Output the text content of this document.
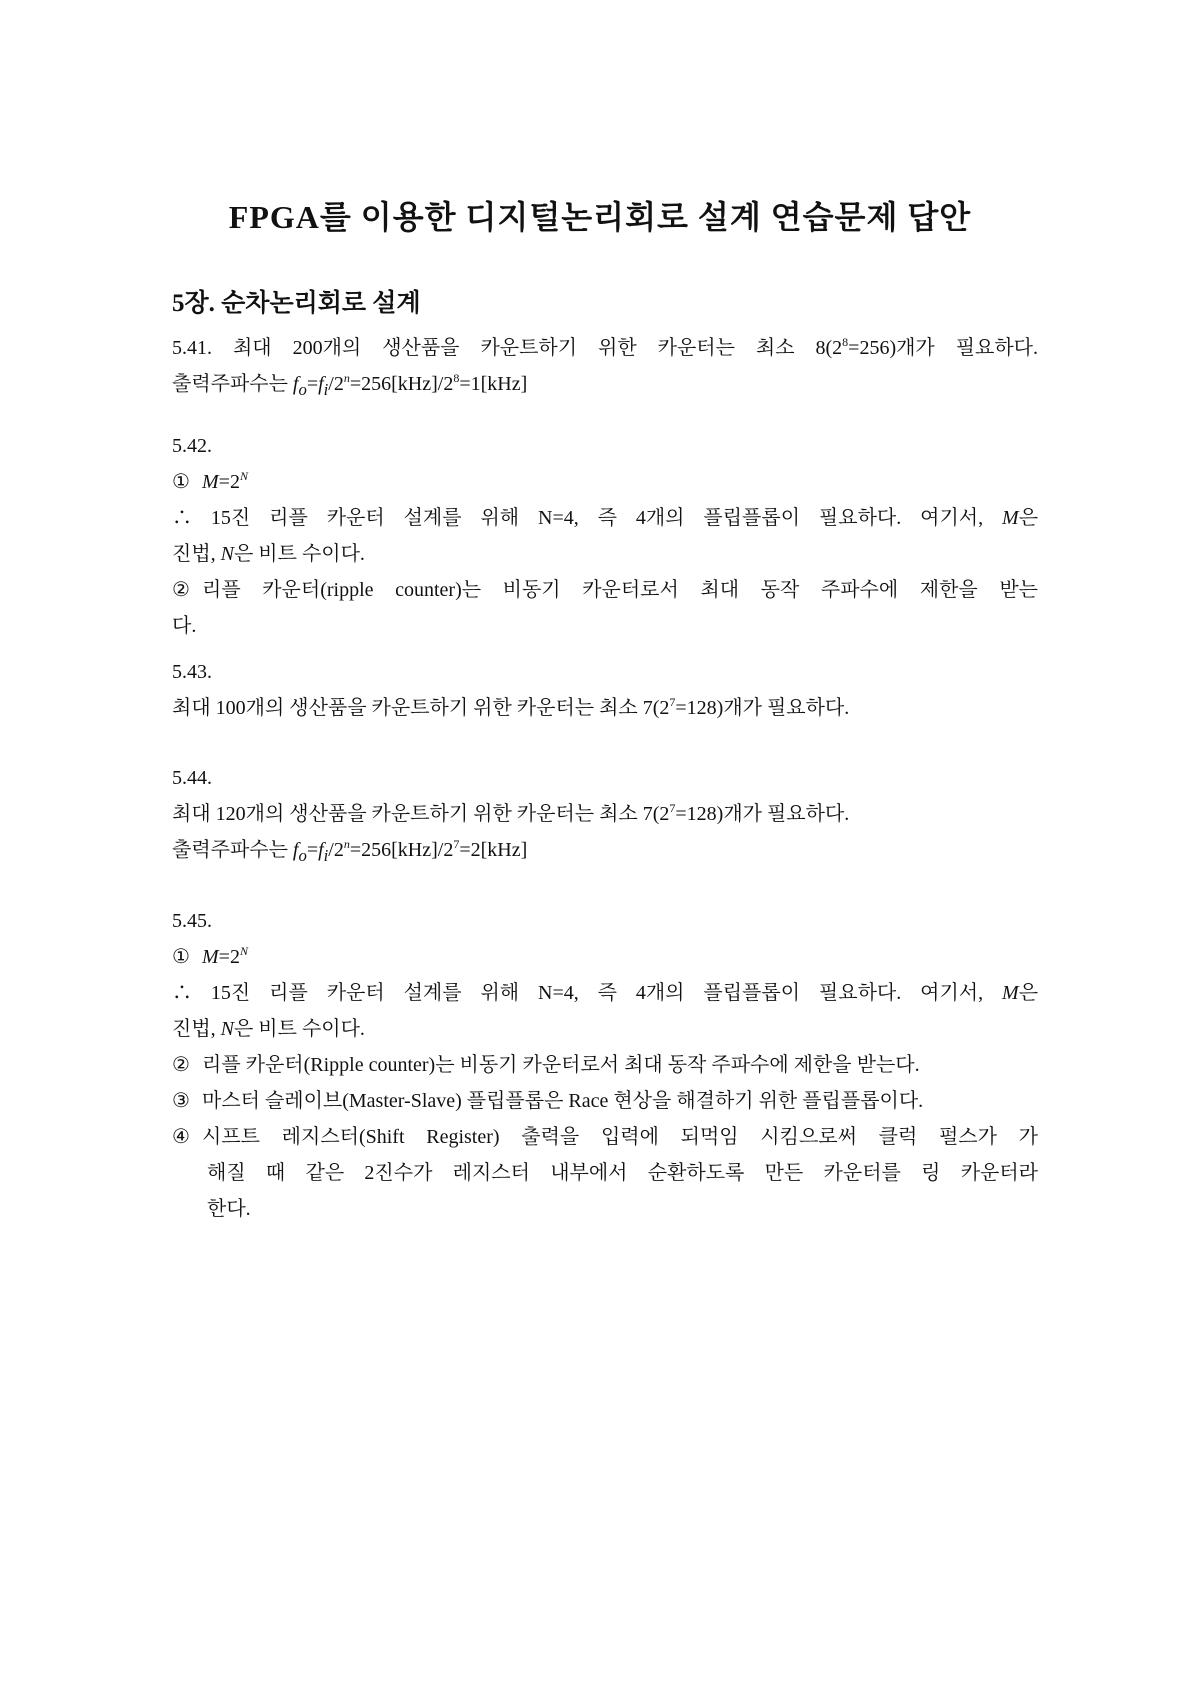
FPGA를 이용한 디지털논리회로 설계 연습문제 답안
5장. 순차논리회로 설계
5.41. 최대 200개의 생산품을 카운트하기 위한 카운터는 최소 $8(2^8=256)$개가 필요하다.
출력주파수는 $f_o=f_i/2^n=256[kHz]/2^8=1[kHz]$
5.42.
① $M=2^N$
∴ 15진 리플 카운터 설계를 위해 N=4, 즉 4개의 플립플롭이 필요하다. 여기서, M은
진법, N은 비트 수이다.
② 리플 카운터(ripple counter)는 비동기 카운터로서 최대 동작 주파수에 제한을 받는
다.
5.43.
최대 100개의 생산품을 카운트하기 위한 카운터는 최소 $7(2^7=128)$개가 필요하다.
5.44.
최대 120개의 생산품을 카운트하기 위한 카운터는 최소 $7(2^7=128)$개가 필요하다.
출력주파수는 $f_o=f_i/2^n=256[kHz]/2^7=2[kHz]$
5.45.
① $M=2^N$
∴ 15진 리플 카운터 설계를 위해 N=4, 즉 4개의 플립플롭이 필요하다. 여기서, M은
진법, N은 비트 수이다.
② 리플 카운터(Ripple counter)는 비동기 카운터로서 최대 동작 주파수에 제한을 받는다.
③ 마스터 슬레이브(Master-Slave) 플립플롭은 Race 현상을 해결하기 위한 플립플롭이다.
④ 시프트 레지스터(Shift Register) 출력을 입력에 되먹임 시킴으로써 클럭 펄스가 가
해질 때 같은 2진수가 레지스터 내부에서 순환하도록 만든 카운터를 링 카운터라
한다.
